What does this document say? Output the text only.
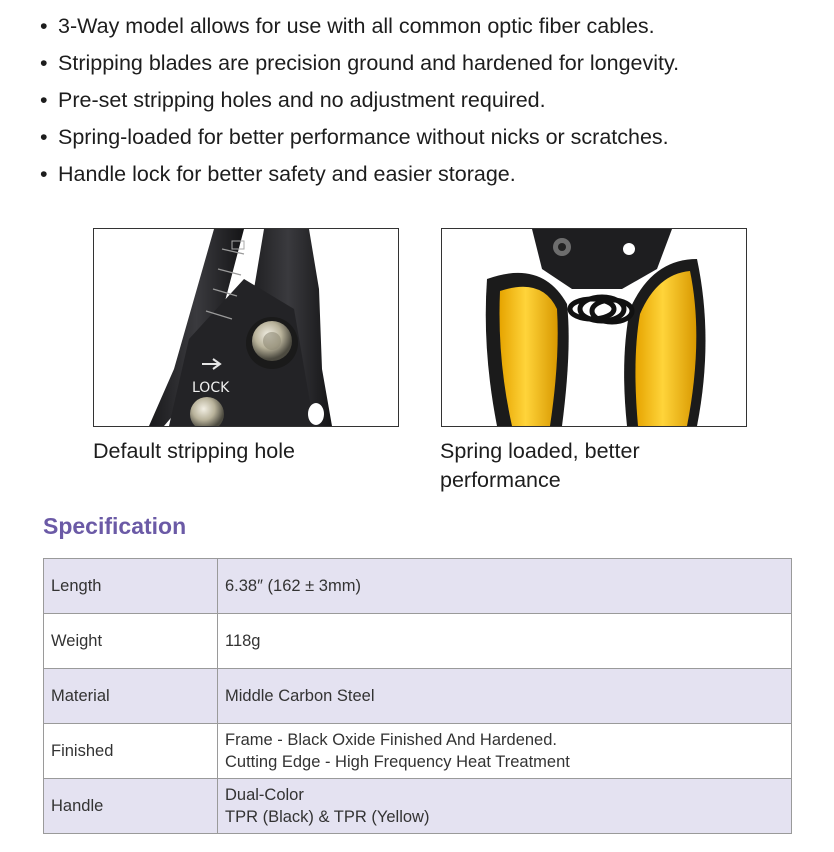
• 3-Way model allows for use with all common optic fiber cables.
• Stripping blades are precision ground and hardened for longevity.
• Pre-set stripping holes and no adjustment required.
• Spring-loaded for better performance without nicks or scratches.
• Handle lock for better safety and easier storage.
LOCK
Default stripping hole	Spring loaded, better performance
Specification
Length	6.38″ (162 ± 3mm)

Weight	118g

Material	Middle Carbon Steel

Finished	Frame - Black Oxide Finished And Hardened.
Cutting Edge - High Frequency Heat Treatment

Handle	Dual-Color
TPR (Black) & TPR (Yellow)
